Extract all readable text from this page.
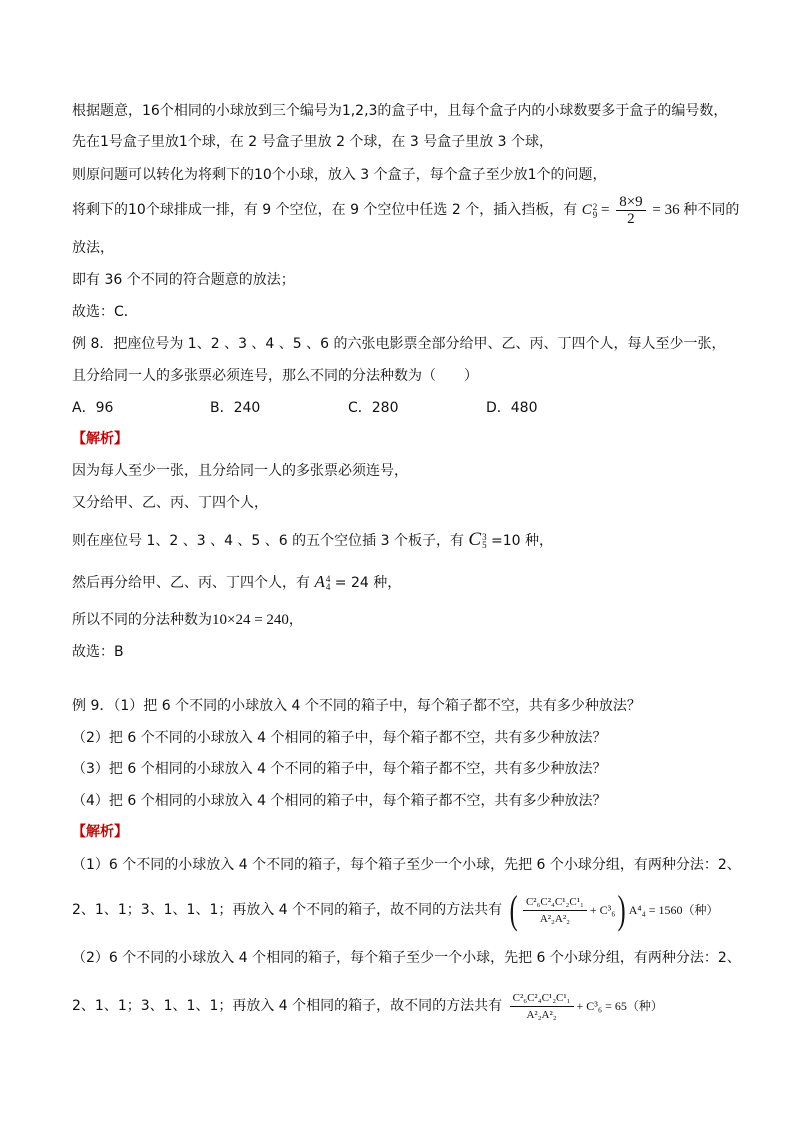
根据题意，16个相同的小球放到三个编号为1,2,3的盒子中，且每个盒子内的小球数要多于盒子的编号数，
先在1号盒子里放1个球，在 2 号盒子里放 2 个球，在 3 号盒子里放 3 个球，
则原问题可以转化为将剩下的10个小球，放入 3 个盒子，每个盒子至少放1个的问题，
将剩下的10个球排成一排，有 9 个空位，在 9 个空位中任选 2 个，插入挡板，有 C 2
$9 = \frac{8\times 9}{2} = 36$ 种不同的
放法，
即有 36 个不同的符合题意的放法；
故选：C．
例 8．把座位号为 1、2 、3 、4 、5 、6 的六张电影票全部分给甲、乙、丙、丁四个人，每人至少一张，
且分给同一人的多张票必须连号，那么不同的分法种数为（　　）
A．96	B．240	C．280	D．480
【解析】
因为每人至少一张，且分给同一人的多张票必须连号，
又分给甲、乙、丙、丁四个人，
则在座位号 1、2 、3 、4 、5 、6 的五个空位插 3 个板子，有 C 3
5 =10 种，
然后再分给甲、乙、丙、丁四个人，有 A 4
4 = 24 种，
所以不同的分法种数为10×24 = 240，
故选：B
例 9．（1）把 6 个不同的小球放入 4 个不同的箱子中，每个箱子都不空，共有多少种放法？
（2）把 6 个不同的小球放入 4 个相同的箱子中，每个箱子都不空，共有多少种放法？
（3）把 6 个相同的小球放入 4 个不同的箱子中，每个箱子都不空，共有多少种放法？
（4）把 6 个相同的小球放入 4 个相同的箱子中，每个箱子都不空，共有多少种放法？
【解析】
（1）6 个不同的小球放入 4 个不同的箱子，每个箱子至少一个小球，先把 6 个小球分组，有两种分法：2、
2、1、1；3、1、1、1；再放入 4 个不同的箱子，故不同的方法共有 ( $\frac{\text{C²₆C²₄C¹₂C¹₁}}{\text{A²₂A²₂}} + C^3_6$) A⁴₄ = 1560（种）
（2）6 个不同的小球放入 4 个相同的箱子，每个箱子至少一个小球，先把 6 个小球分组，有两种分法：2、
2、1、1；3、1、1、1；再放入 4 个相同的箱子，故不同的方法共有 $\frac{\text{C²₆C²₄C¹₂C¹₁}}{\text{A²₂A²₂}} + C^3_6 = 65$（种）
